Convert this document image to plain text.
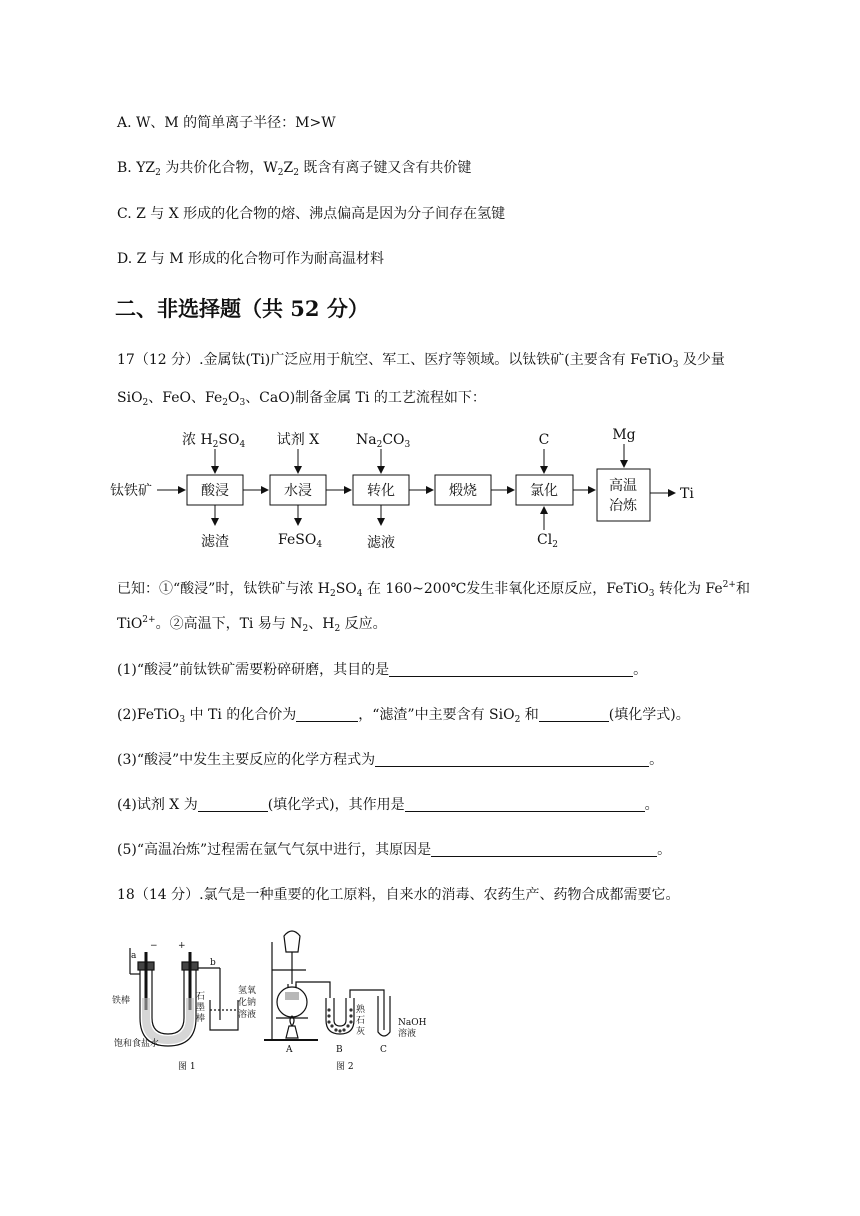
A. W、M 的简单离子半径：M>W
B. $YZ_2$ 为共价化合物，$W_2Z_2$ 既含有离子键又含有共价键
C. Z 与 X 形成的化合物的熔、沸点偏高是因为分子间存在氢键
D. Z 与 M 形成的化合物可作为耐高温材料
二、非选择题（共 52 分）
17（12 分）.金属钛(Ti)广泛应用于航空、军工、医疗等领域。以钛铁矿(主要含有 FeTiO$_3$ 及少量
SiO$_2$、FeO、$Fe_2O_3$、CaO)制备金属 Ti 的工艺流程如下：
钛铁矿	酸浸	水浸	转化	煅烧	氯化	高温
冶炼
Ti
浓 $H_2SO_4$ 试剂 X	$Na_2CO_3$	C	Mg
$Cl_2$
滤渣	FeSO$_4$	滤液
已知：①“酸浸”时，钛铁矿与浓 $H_2SO_4$ 在 160~200℃发生非氧化还原反应，FeTiO$_3$ 转化为 $Fe^{2+}$和
TiO$^{2+}$。②高温下，Ti 易与 $N_2$、$H_2$ 反应。
(1)“酸浸”前钛铁矿需要粉碎研磨，其目的是	。
(2)FeTiO$_3$ 中 Ti 的化合价为	，“滤渣”中主要含有 SiO$_2$ 和	(填化学式)。
(3)“酸浸”中发生主要反应的化学方程式为	。
(4)试剂 X 为	(填化学式)，其作用是	。
(5)“高温冶炼”过程需在氩气气氛中进行，其原因是	。
18（14 分）.氯气是一种重要的化工原料，自来水的消毒、农药生产、药物合成都需要它。
− +
a
b
铁棒	石
墨
棒
氢氧
化钠
溶液
饱和食盐水
图 1
熟
石
灰
NaOH
溶液
A	B	C
图 2
